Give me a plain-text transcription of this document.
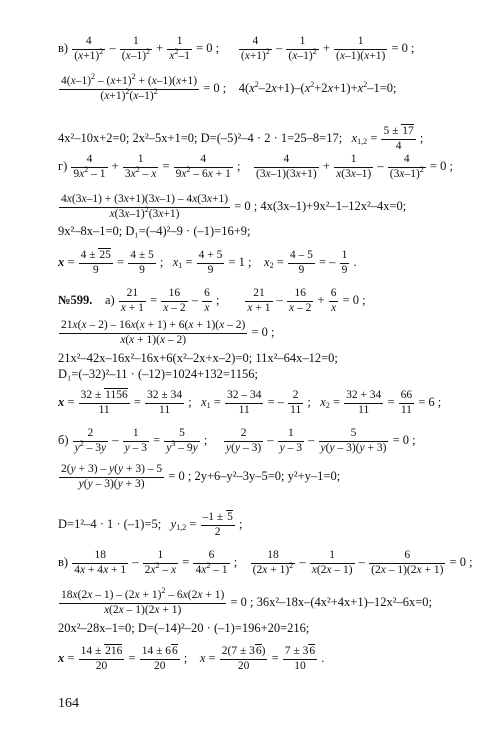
$в) \frac{4}{(x+1)^2} - \frac{1}{(x-1)^2} + \frac{1}{x^2-1} = 0$ ; $\frac{4}{(x+1)^2} - \frac{1}{(x-1)^2} + \frac{1}{(x-1)(x+1)} = 0$ ;
$\frac{4(x-1)^2 - (x+1)^2 + (x-1)(x+1)}{(x+1)^2(x-1)^2} = 0$ ;    $4(x^2-2x+1)-(x^2+2x+1)+x^2-1=0$;
4x²–10x+2=0; 2x²–5x+1=0; D=(–5)²–4 · 2 · 1=25–8=17; $x_{1,2} = \frac{5 \pm 17}{4}$ ;
$г) \frac{4}{9x^2 - 1} + \frac{1}{3x^2 - x} = \frac{4}{9x^2 - 6x + 1}$ ; $\frac{4}{(3x-1)(3x+1)} + \frac{1}{x(3x-1)} - \frac{4}{(3x-1)^2} = 0$ ;
$\frac{4x(3x-1) + (3x+1)(3x-1) - 4x(3x+1)}{x(3x-1)^2(3x+1)} = 0$ ; 4x(3x–1)+9x²–1–12x²–4x=0;
9x²–8x–1=0; D₁=(–4)²–9 · (–1)=16+9;
$x = \frac{4 \pm 25}{9} = \frac{4 \pm 5}{9}$ ;   $x_1 = \frac{4 + 5}{9} = 1$ ;    $x_2 = \frac{4 - 5}{9}$ = – $\frac{1}{9}$ .
№599. $а) \frac{21}{x + 1} = \frac{16}{x - 2} - \frac{6}{x}$ ; $\frac{21}{x + 1} - \frac{16}{x - 2} + \frac{6}{x} = 0$ ;
$\frac{21x(x - 2) - 16x(x + 1) + 6(x + 1)(x - 2)}{x(x + 1)(x - 2)} = 0$ ;
21x²–42x–16x²–16x+6(x²–2x+x–2)=0; 11x²–64x–12=0;
D₁=(–32)²–11 · (–12)=1024+132=1156;
$x = \frac{32 \pm 1156}{11} = \frac{32 \pm 34}{11}$ ;   $x_1 = \frac{32 - 34}{11}$ = – $\frac{2}{11}$ ;   $x_2 = \frac{32 + 34}{11} = \frac{66}{11} = 6$ ;
$б) \frac{2}{y^2 - 3y} - \frac{1}{y - 3} = \frac{5}{y^3 - 9y}$ ; $\frac{2}{y(y - 3)} - \frac{1}{y - 3} - \frac{5}{y(y - 3)(y + 3)} = 0$ ;
$\frac{2(y + 3) - y(y + 3) - 5}{y(y - 3)(y + 3)} = 0$ ; 2y+6–y²–3y–5=0; y²+y–1=0;
D=1²–4 · 1 · (–1)=5; $y_{1,2} = \frac{-1 \pm 5}{2}$ ;
$в) \frac{18}{4x + 4x + 1} - \frac{1}{2x^2 - x} = \frac{6}{4x^2 - 1}$ ; $\frac{18}{(2x + 1)^2} - \frac{1}{x(2x - 1)} - \frac{6}{(2x - 1)(2x + 1)} = 0$ ;
$\frac{18x(2x - 1) - (2x + 1)^2 - 6x(2x + 1)}{x(2x - 1)(2x + 1)} = 0$ ; 36x²–18x–(4x²+4x+1)–12x²–6x=0;
20x²–28x–1=0; D=(–14)²–20 · (–1)=196+20=216;
$x = \frac{14 \pm 216}{20} = \frac{14 \pm 66}{20}$ ;    $x = \frac{2(7 \pm 36)}{20} = \frac{7 \pm 36}{10}$ .
164
